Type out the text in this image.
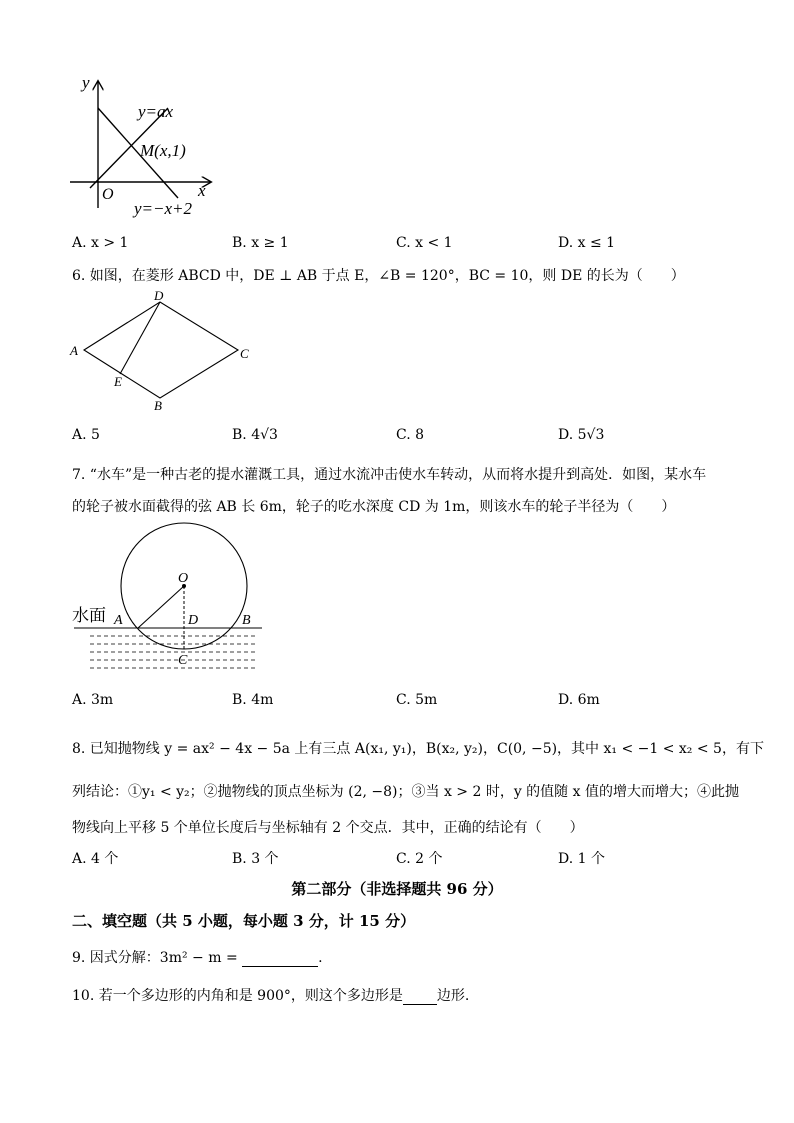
y
x
O
y=ax
M(x,1)
y=−x+2
A. x > 1	B. x ≥ 1	C. x < 1	D. x ≤ 1
6. 如图，在菱形 ABCD 中，DE ⊥ AB 于点 E，∠B = 120°，BC = 10，则 DE 的长为（　　）
A
D
C
B
E
A. 5	B. 4√3	C. 8	D. 5√3
7. “水车”是一种古老的提水灌溉工具，通过水流冲击使水车转动，从而将水提升到高处．如图，某水车
的轮子被水面截得的弦 AB 长 6m，轮子的吃水深度 CD 为 1m，则该水车的轮子半径为（　　）
O
水面 A	B
D
C
A. 3m	B. 4m	C. 5m	D. 6m
8. 已知抛物线 y = ax² − 4x − 5a 上有三点 A(x₁, y₁)，B(x₂, y₂)，C(0, −5)，其中 x₁ < −1 < x₂ < 5，有下
列结论：①y₁ < y₂；②抛物线的顶点坐标为 (2, −8)；③当 x > 2 时，y 的值随 x 值的增大而增大；④此抛
物线向上平移 5 个单位长度后与坐标轴有 2 个交点．其中，正确的结论有（　　）
A. 4 个	B. 3 个	C. 2 个	D. 1 个
第二部分（非选择题共 96 分）
二、填空题（共 5 小题，每小题 3 分，计 15 分）
9. 因式分解：3m² − m =	.
10. 若一个多边形的内角和是 900°，则这个多边形是 边形.
